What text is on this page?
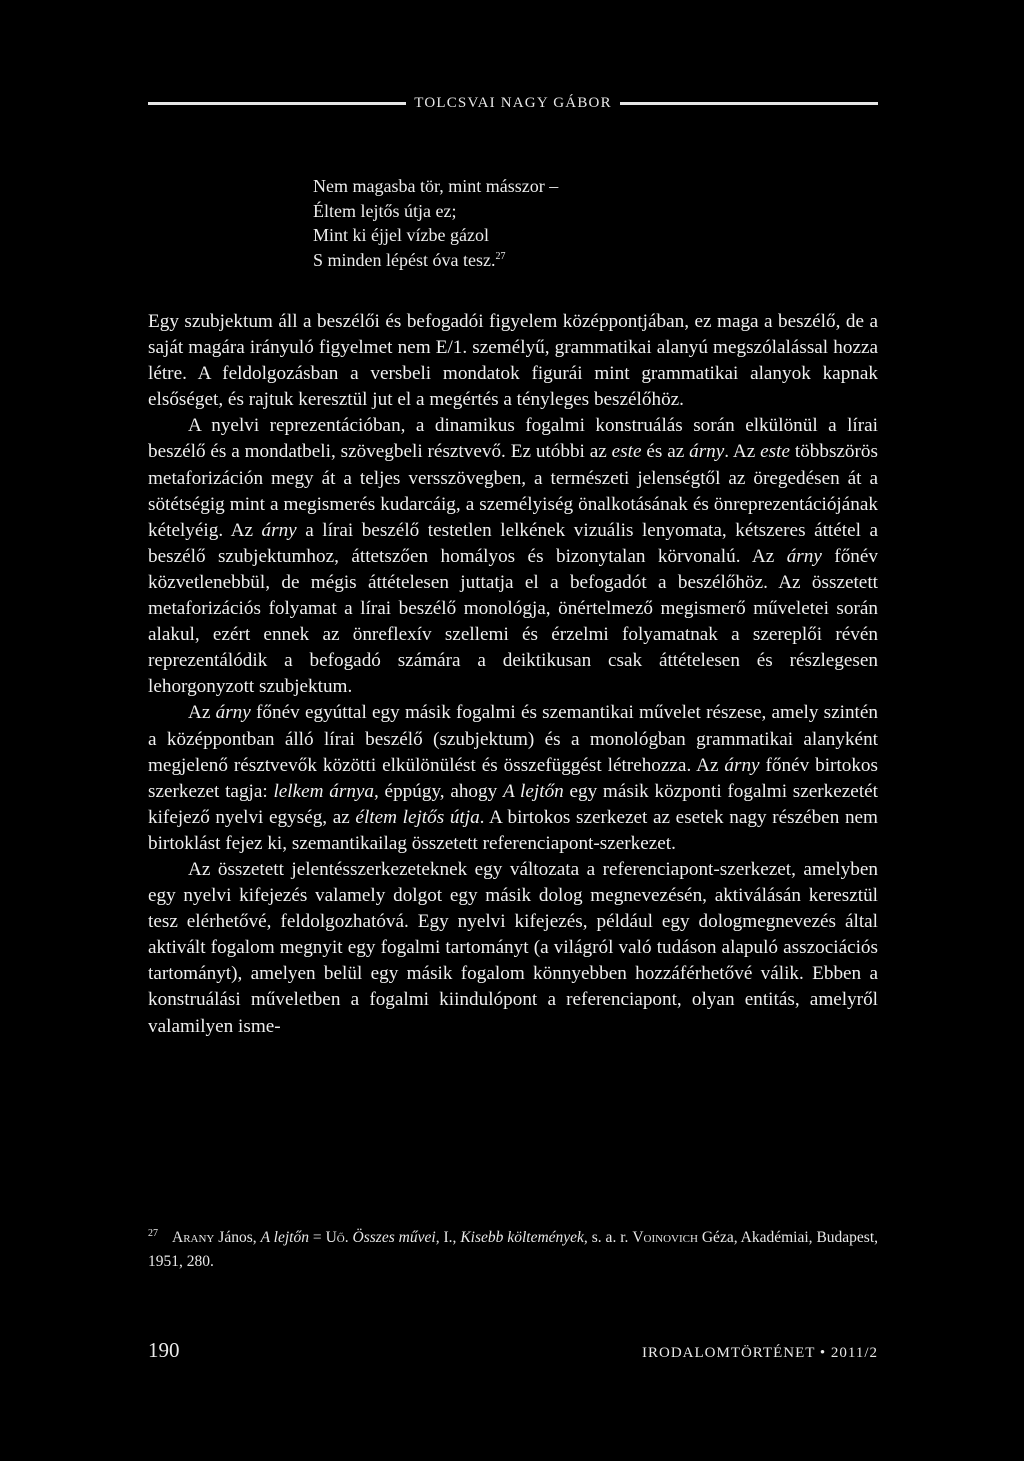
TOLCSVAI NAGY GÁBOR
Nem magasba tör, mint másszor –
Éltem lejtős útja ez;
Mint ki éjjel vízbe gázol
S minden lépést óva tesz.$^{27}$

Egy szubjektum áll a beszélői és befogadói figyelem középpontjában, ez maga a beszélő, de a saját magára irányuló figyelmet nem E/1. személyű, grammatikai alanyú megszólalással hozza létre. A feldolgozásban a versbeli mondatok figurái mint grammatikai alanyok kapnak elsőséget, és rajtuk keresztül jut el a megértés a tényleges beszélőhöz.

A nyelvi reprezentációban, a dinamikus fogalmi konstruálás során elkülönül a lírai beszélő és a mondatbeli, szövegbeli résztvevő. Ez utóbbi az este és az árny. Az este többszörös metaforizáción megy át a teljes versszövegben, a természeti jelenségtől az öregedésen át a sötétségig mint a megismerés kudarcáig, a személyiség önalkotásának és önreprezentációjának kételyéig. Az árny a lírai beszélő testetlen lelkének vizuális lenyomata, kétszeres áttétel a beszélő szubjektumhoz, áttetszően homályos és bizonytalan körvonalú. Az árny főnév közvetlenebbül, de mégis áttételesen juttatja el a befogadót a beszélőhöz. Az összetett metaforizációs folyamat a lírai beszélő monológja, önértelmező megismerő műveletei során alakul, ezért ennek az önreflexív szellemi és érzelmi folyamatnak a szereplői révén reprezentálódik a befogadó számára a deiktikusan csak áttételesen és részlegesen lehorgonyzott szubjektum.

Az árny főnév egyúttal egy másik fogalmi és szemantikai művelet részese, amely szintén a középpontban álló lírai beszélő (szubjektum) és a monológban grammatikai alanyként megjelenő résztvevők közötti elkülönülést és összefüggést létrehozza. Az árny főnév birtokos szerkezet tagja: lelkem árnya, éppúgy, ahogy A lejtőn egy másik központi fogalmi szerkezetét kifejező nyelvi egység, az éltem lejtős útja. A birtokos szerkezet az esetek nagy részében nem birtoklást fejez ki, szemantikailag összetett referenciapont-szerkezet.

Az összetett jelentésszerkezeteknek egy változata a referenciapont-szerkezet, amelyben egy nyelvi kifejezés valamely dolgot egy másik dolog megnevezésén, aktiválásán keresztül tesz elérhetővé, feldolgozhatóvá. Egy nyelvi kifejezés, például egy dologmegnevezés által aktivált fogalom megnyit egy fogalmi tartományt (a világról való tudáson alapuló asszociációs tartományt), amelyen belül egy másik fogalom könnyebben hozzáférhetővé válik. Ebben a konstruálási műveletben a fogalmi kiindulópont a referenciapont, olyan entitás, amelyről valamilyen isme-

$^{27}$ Arany János, A lejtőn = Uő. Összes művei, I., Kisebb költemények, s. a. r. Voinovich Géza, Akadémiai, Budapest, 1951, 280.
190	IRODALOMTÖRTÉNET • 2011/2
